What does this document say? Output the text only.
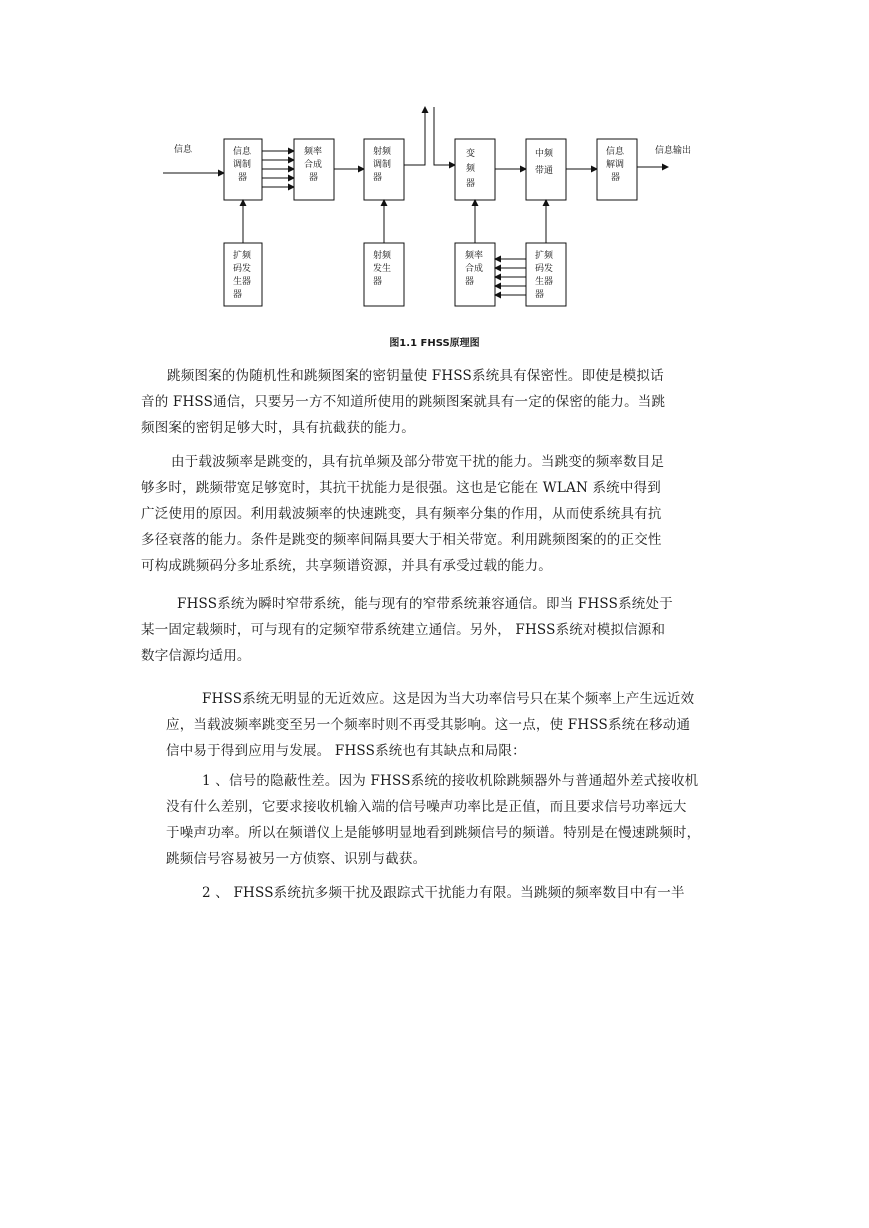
信息	信息
调制
器
频率
合成
器
射频
调制
器
变
频
器
中频
带通
信息
解调
器
信息输出
扩频
码发
生器
器
射频
发生
器
频率
合成
器
扩频
码发
生器
器
图1.1 FHSS原理图
跳频图案的伪随机性和跳频图案的密钥量使 FHSS系统具有保密性。即使是模拟话
音的 FHSS通信，只要另一方不知道所使用的跳频图案就具有一定的保密的能力。当跳
频图案的密钥足够大时，具有抗截获的能力。
由于载波频率是跳变的，具有抗单频及部分带宽干扰的能力。当跳变的频率数目足
够多时，跳频带宽足够宽时，其抗干扰能力是很强。这也是它能在 WLAN 系统中得到
广泛使用的原因。利用载波频率的快速跳变，具有频率分集的作用，从而使系统具有抗
多径衰落的能力。条件是跳变的频率间隔具要大于相关带宽。利用跳频图案的的正交性
可构成跳频码分多址系统，共享频谱资源，并具有承受过载的能力。
FHSS系统为瞬时窄带系统，能与现有的窄带系统兼容通信。即当 FHSS系统处于
某一固定载频时，可与现有的定频窄带系统建立通信。另外， FHSS系统对模拟信源和
数字信源均适用。
FHSS系统无明显的无近效应。这是因为当大功率信号只在某个频率上产生远近效
应，当载波频率跳变至另一个频率时则不再受其影响。这一点，使 FHSS系统在移动通
信中易于得到应用与发展。 FHSS系统也有其缺点和局限：
1 、信号的隐蔽性差。因为 FHSS系统的接收机除跳频器外与普通超外差式接收机
没有什么差别，它要求接收机输入端的信号噪声功率比是正值，而且要求信号功率远大
于噪声功率。所以在频谱仪上是能够明显地看到跳频信号的频谱。特别是在慢速跳频时，
跳频信号容易被另一方侦察、识别与截获。
2 、 FHSS系统抗多频干扰及跟踪式干扰能力有限。当跳频的频率数目中有一半
